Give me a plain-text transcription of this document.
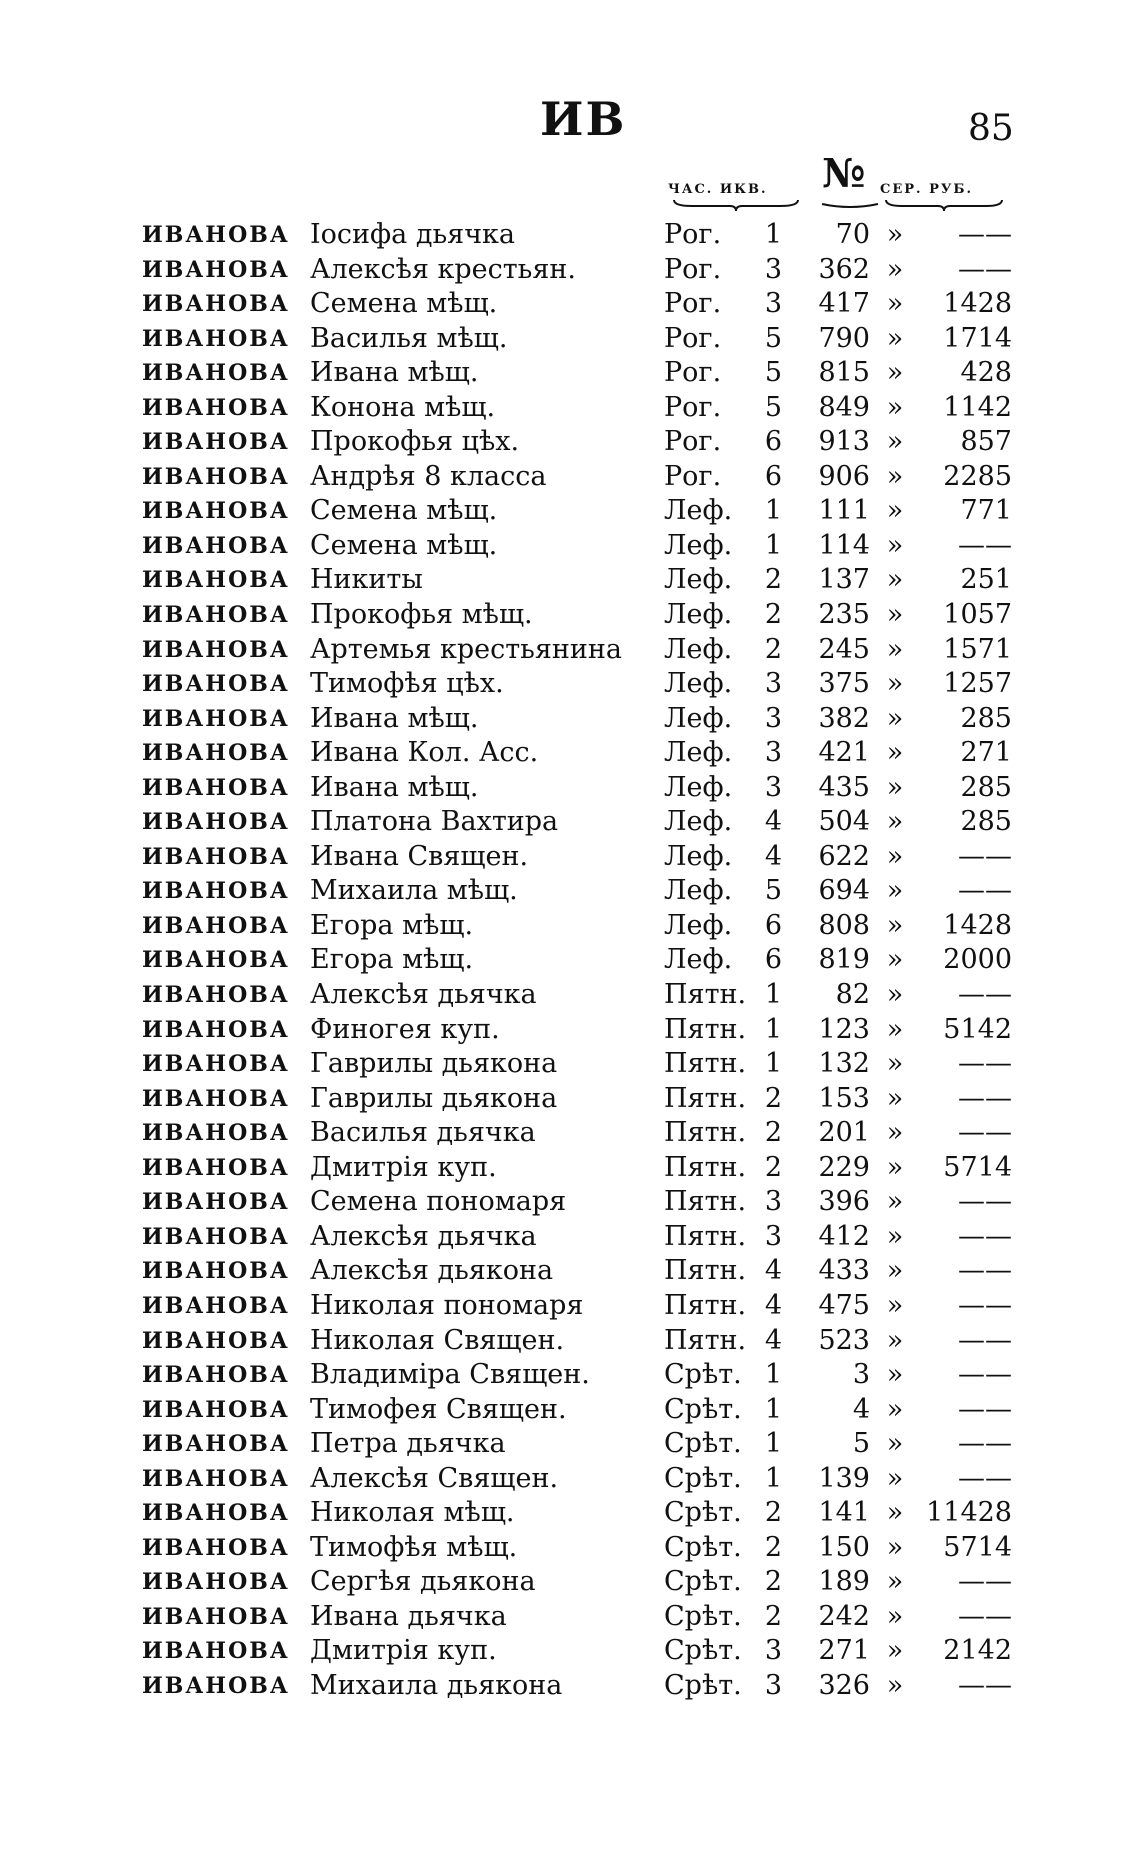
ИВ	85
ЧАС. ИКВ. № СЕР. РУБ.
ИВАНОВА Іосифа дьячка	Рог.	1	70 »	——
ИВАНОВА Алексѣя крестьян.	Рог.	3	362 »	——
ИВАНОВА Семена мѣщ.	Рог.	3	417 »	1428
ИВАНОВА Василья мѣщ.	Рог.	5	790 »	1714
ИВАНОВА Ивана мѣщ.	Рог.	5	815 »	428
ИВАНОВА Конона мѣщ.	Рог.	5	849 »	1142
ИВАНОВА Прокофья цѣх.	Рог.	6	913 »	857
ИВАНОВА Андрѣя 8 класса	Рог.	6	906 »	2285
ИВАНОВА Семена мѣщ.	Леф.	1	111 »	771
ИВАНОВА Семена мѣщ.	Леф.	1	114 »	——
ИВАНОВА Никиты	Леф.	2	137 »	251
ИВАНОВА Прокофья мѣщ.	Леф.	2	235 »	1057
ИВАНОВА Артемья крестьянина Леф.	2	245 »	1571
ИВАНОВА Тимофѣя цѣх.	Леф.	3	375 »	1257
ИВАНОВА Ивана мѣщ.	Леф.	3	382 »	285
ИВАНОВА Ивана Кол. Асс.	Леф.	3	421 »	271
ИВАНОВА Ивана мѣщ.	Леф.	3	435 »	285
ИВАНОВА Платона Вахтира	Леф.	4	504 »	285
ИВАНОВА Ивана Священ.	Леф.	4	622 »	——
ИВАНОВА Михаила мѣщ.	Леф.	5	694 »	——
ИВАНОВА Егора мѣщ.	Леф.	6	808 »	1428
ИВАНОВА Егора мѣщ.	Леф.	6	819 »	2000
ИВАНОВА Алексѣя дьячка	Пятн. 1	82 »	——
ИВАНОВА Финогея куп.	Пятн. 1	123 »	5142
ИВАНОВА Гаврилы дьякона	Пятн. 1	132 »	——
ИВАНОВА Гаврилы дьякона	Пятн. 2	153 »	——
ИВАНОВА Василья дьячка	Пятн. 2	201 »	——
ИВАНОВА Дмитрія куп.	Пятн. 2	229 »	5714
ИВАНОВА Семена пономаря	Пятн. 3	396 »	——
ИВАНОВА Алексѣя дьячка	Пятн. 3	412 »	——
ИВАНОВА Алексѣя дьякона	Пятн. 4	433 »	——
ИВАНОВА Николая пономаря	Пятн. 4	475 »	——
ИВАНОВА Николая Священ.	Пятн. 4	523 »	——
ИВАНОВА Владиміра Священ.	Срѣт. 1	3 »	——
ИВАНОВА Тимофея Священ.	Срѣт. 1	4 »	——
ИВАНОВА Петра дьячка	Срѣт. 1	5 »	——
ИВАНОВА Алексѣя Священ.	Срѣт. 1	139 »	——
ИВАНОВА Николая мѣщ.	Срѣт. 2	141 » 11428
ИВАНОВА Тимофѣя мѣщ.	Срѣт. 2	150 »	5714
ИВАНОВА Сергѣя дьякона	Срѣт. 2	189 »	——
ИВАНОВА Ивана дьячка	Срѣт. 2	242 »	——
ИВАНОВА Дмитрія куп.	Срѣт. 3	271 »	2142
ИВАНОВА Михаила дьякона	Срѣт. 3	326 »	——
